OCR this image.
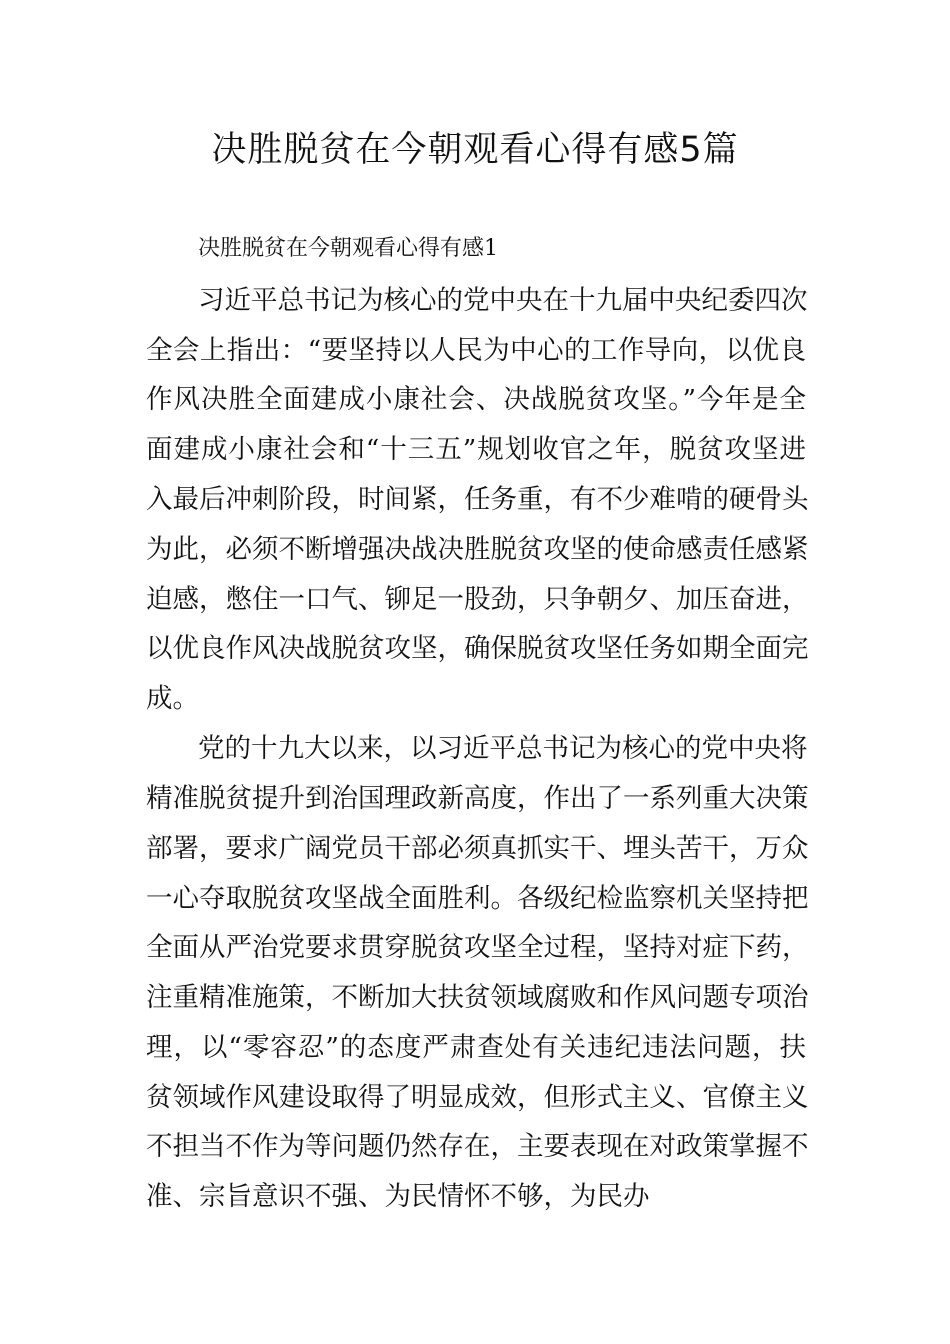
决胜脱贫在今朝观看心得有感5篇
决胜脱贫在今朝观看心得有感1
习近平总书记为核心的党中央在十九届中央纪委四次
全会上指出：“要坚持以人民为中心的工作导向，以优良
作风决胜全面建成小康社会、决战脱贫攻坚。”今年是全
面建成小康社会和“十三五”规划收官之年，脱贫攻坚进
入最后冲刺阶段，时间紧，任务重，有不少难啃的硬骨头
为此，必须不断增强决战决胜脱贫攻坚的使命感责任感紧
迫感，憋住一口气、铆足一股劲，只争朝夕、加压奋进，
以优良作风决战脱贫攻坚，确保脱贫攻坚任务如期全面完
成。
党的十九大以来，以习近平总书记为核心的党中央将
精准脱贫提升到治国理政新高度，作出了一系列重大决策
部署，要求广阔党员干部必须真抓实干、埋头苦干，万众
一心夺取脱贫攻坚战全面胜利。各级纪检监察机关坚持把
全面从严治党要求贯穿脱贫攻坚全过程，坚持对症下药，
注重精准施策，不断加大扶贫领域腐败和作风问题专项治
理，以“零容忍”的态度严肃查处有关违纪违法问题，扶
贫领域作风建设取得了明显成效，但形式主义、官僚主义
不担当不作为等问题仍然存在，主要表现在对政策掌握不
准、宗旨意识不强、为民情怀不够，为民办
